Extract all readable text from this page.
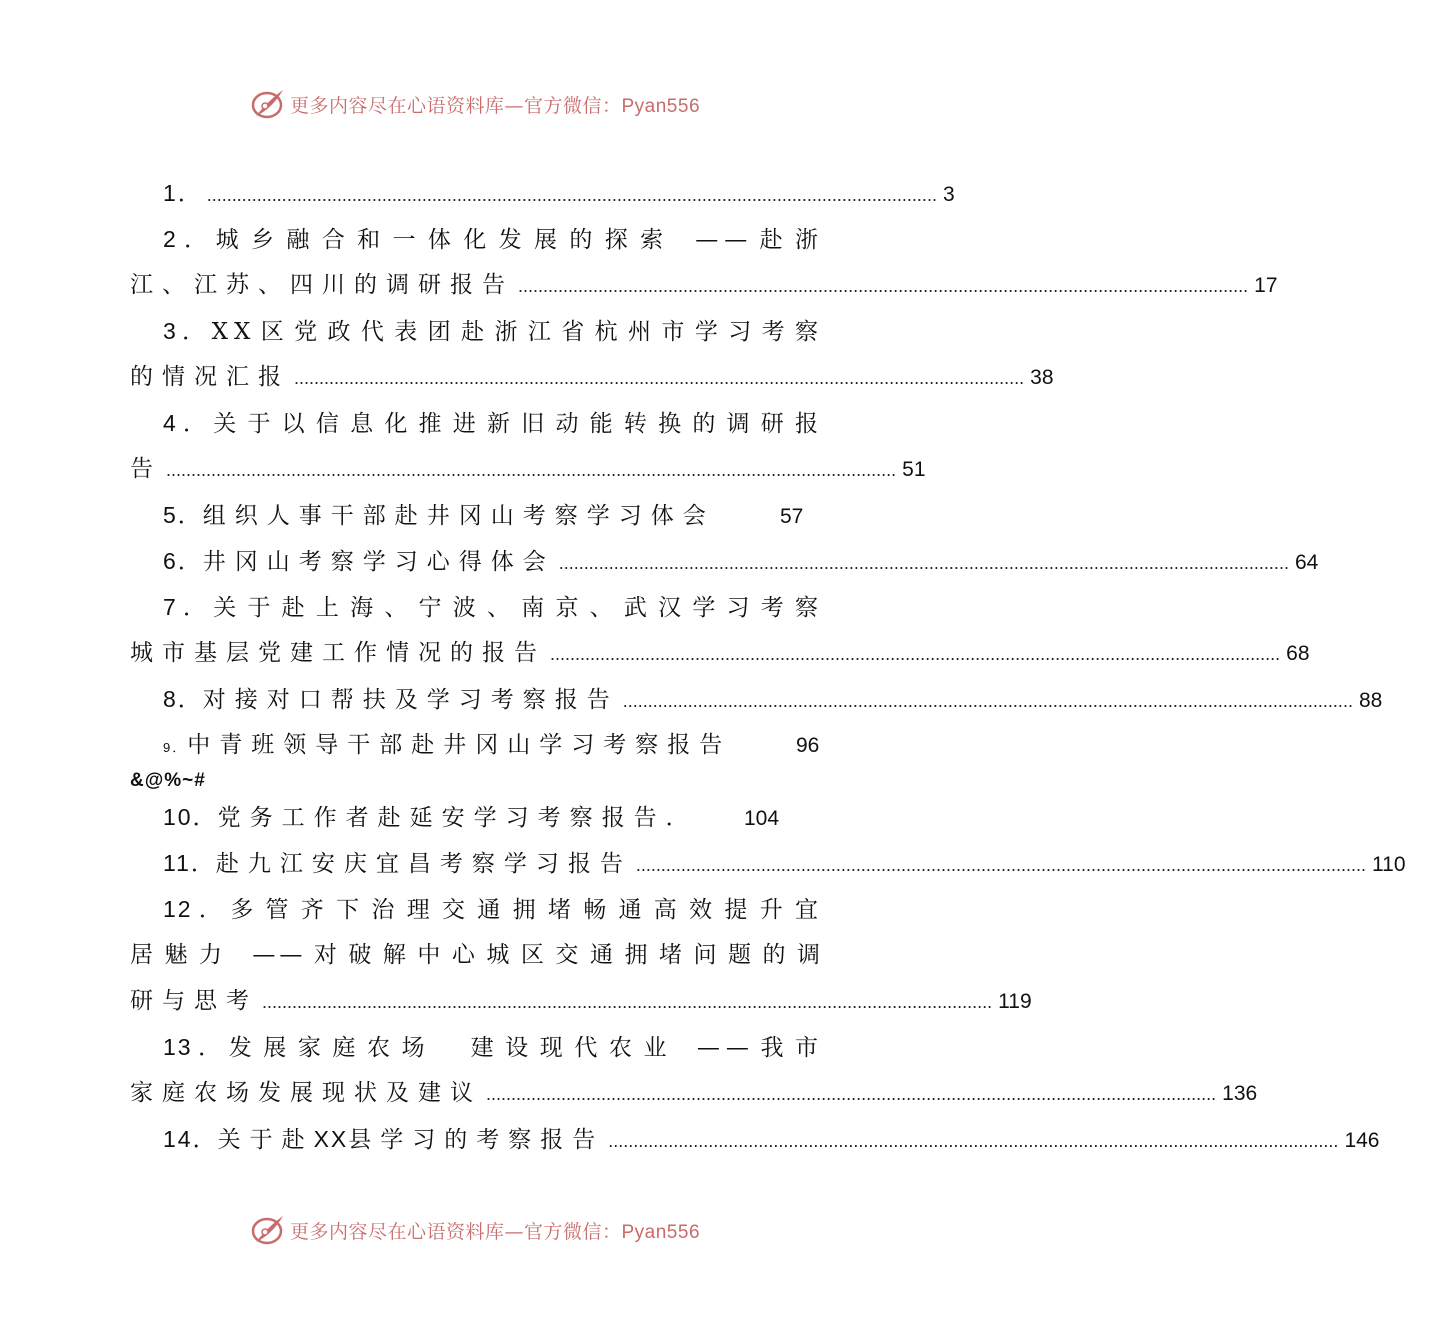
更多内容尽在心语资料库—官方微信：Pyan556
1． .................................................................................................................................................. 3
2．城乡融合和一体化发展的探索 ——赴浙
江、江苏、四川的调研报告 .................................................................................................................................................. 17
3．XX区党政代表团赴浙江省杭州市学习考察
的情况汇报 .................................................................................................................................................. 38
4．关于以信息化推进新旧动能转换的调研报
告 .................................................................................................................................................. 51
5．组织人事干部赴井冈山考察学习体会	57
6．井冈山考察学习心得体会 .................................................................................................................................................. 64
7．关于赴上海、宁波、南京、武汉学习考察
城市基层党建工作情况的报告 .................................................................................................................................................. 68
8．对接对口帮扶及学习考察报告 .................................................................................................................................................. 88
9．中青班领导干部赴井冈山学习考察报告	96
&@%~#
10．党务工作者赴延安学习考察报告． 104
11．赴九江安庆宜昌考察学习报告 .................................................................................................................................................. 110
12．多管齐下治理交通拥堵畅通高效提升宜
居魅力 ——对破解中心城区交通拥堵问题的调
研与思考 .................................................................................................................................................. 119
13．发展家庭农场　建设现代农业 ——我市
家庭农场发展现状及建议 .................................................................................................................................................. 136
14．关于赴XX县学习的考察报告 .................................................................................................................................................. 146
更多内容尽在心语资料库—官方微信：Pyan556
